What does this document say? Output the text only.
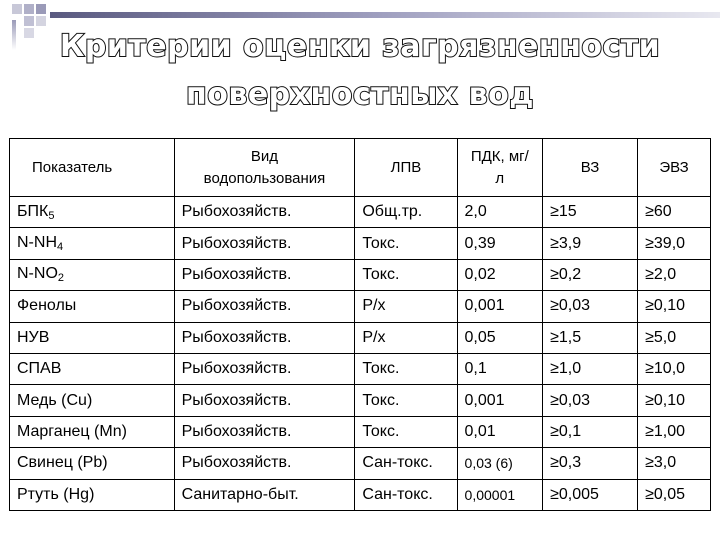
Критерии оценки загрязненности
поверхностных вод
Показатель	Вид водопользования	ЛПВ	ПДК, мг/л	ВЗ	ЭВЗ
$БПК_5$	Рыбохозяйств.	Общ.тр.	2,0	≥15	≥60
$N-NH_4$	Рыбохозяйств.	Токс.	0,39	≥3,9	≥39,0
$N-NO_2$	Рыбохозяйств.	Токс.	0,02	≥0,2	≥2,0
Фенолы	Рыбохозяйств.	Р/х	0,001	≥0,03	≥0,10
НУВ	Рыбохозяйств.	Р/х	0,05	≥1,5	≥5,0
СПАВ	Рыбохозяйств.	Токс.	0,1	≥1,0	≥10,0
Медь (Cu)	Рыбохозяйств.	Токс.	0,001	≥0,03	≥0,10
Марганец (Mn)	Рыбохозяйств.	Токс.	0,01	≥0,1	≥1,00
Свинец (Pb)	Рыбохозяйств.	Сан-токс.	0,03 (6)	≥0,3	≥3,0
Ртуть (Hg)	Санитарно-быт.	Сан-токс.	0,00001	≥0,005	≥0,05
